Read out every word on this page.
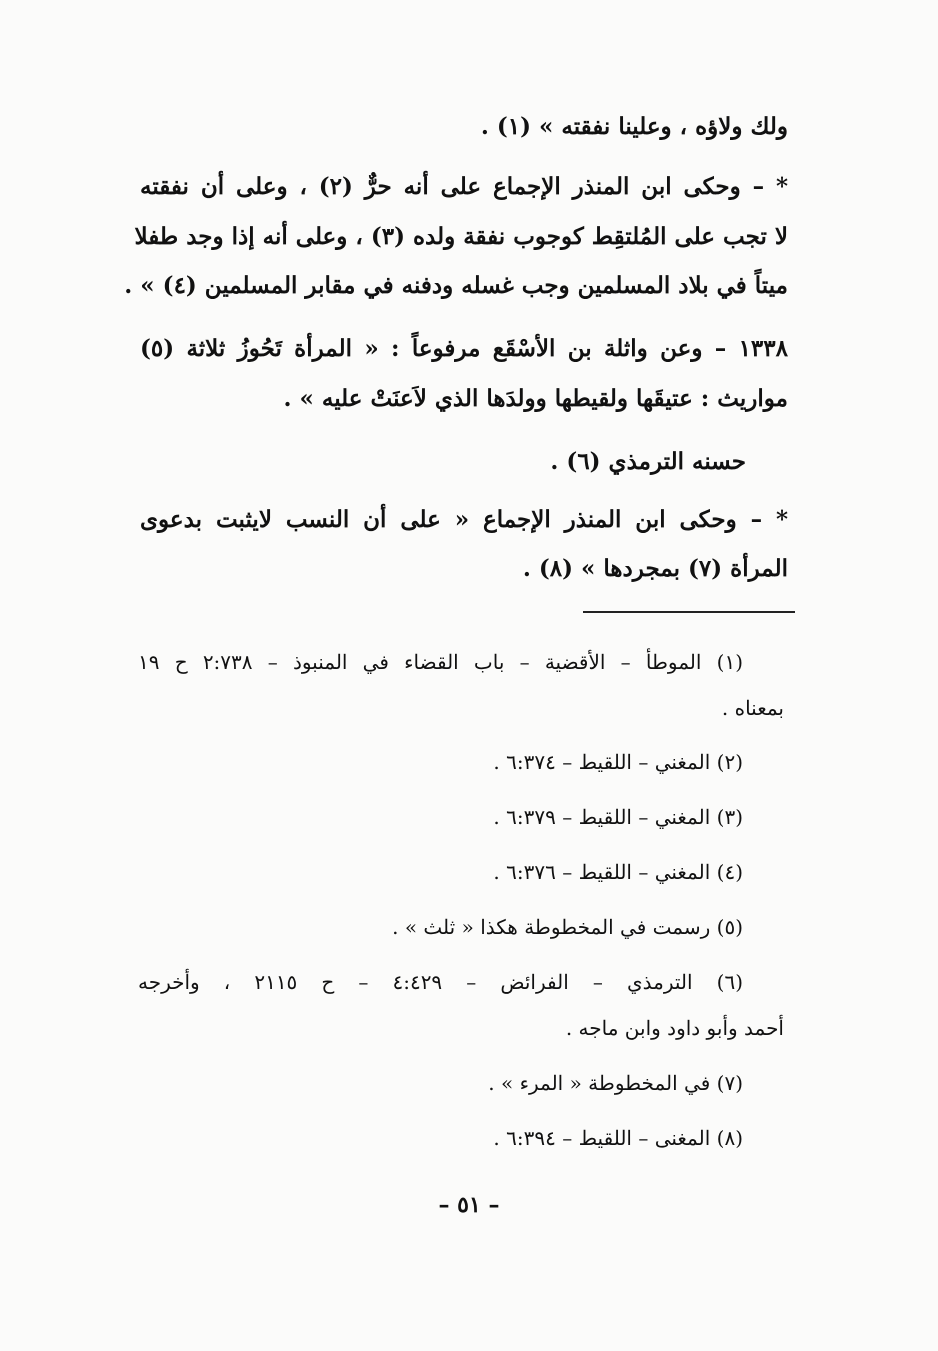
ولك ولاؤه ، وعلينا نفقته » (١) .
* – وحكى ابن المنذر الإجماع على أنه حرٌّ (٢) ، وعلى أن نفقته
لا تجب على المُلتقِط كوجوب نفقة ولده (٣) ، وعلى أنه إذا وجد طفلا
ميتاً في بلاد المسلمين وجب غسله ودفنه في مقابر المسلمين (٤) » .
١٣٣٨ – وعن واثلة بن الأسْقَع مرفوعاً : « المرأة تَحُوزُ ثلاثة (٥)
مواريث : عتيقَها ولقيطها وولدَها الذي لاَعنَتْ عليه » .
حسنه الترمذي (٦) .
* – وحكى ابن المنذر الإجماع « على أن النسب لايثبت بدعوى
المرأة (٧) بمجردها » (٨) .
(١) الموطأ – الأقضية – باب القضاء في المنبوذ – ٢:٧٣٨ ح ١٩
بمعناه .
(٢) المغني – اللقيط – ٦:٣٧٤ .
(٣) المغني – اللقيط – ٦:٣٧٩ .
(٤) المغني – اللقيط – ٦:٣٧٦ .
(٥) رسمت في المخطوطة هكذا « ثلث » .
(٦) الترمذي – الفرائض – ٤:٤٢٩ – ح ٢١١٥ ، وأخرجه
أحمد وأبو داود وابن ماجه .
(٧) في المخطوطة « المرء » .
(٨) المغنى – اللقيط – ٦:٣٩٤ .
– ٥١ –
